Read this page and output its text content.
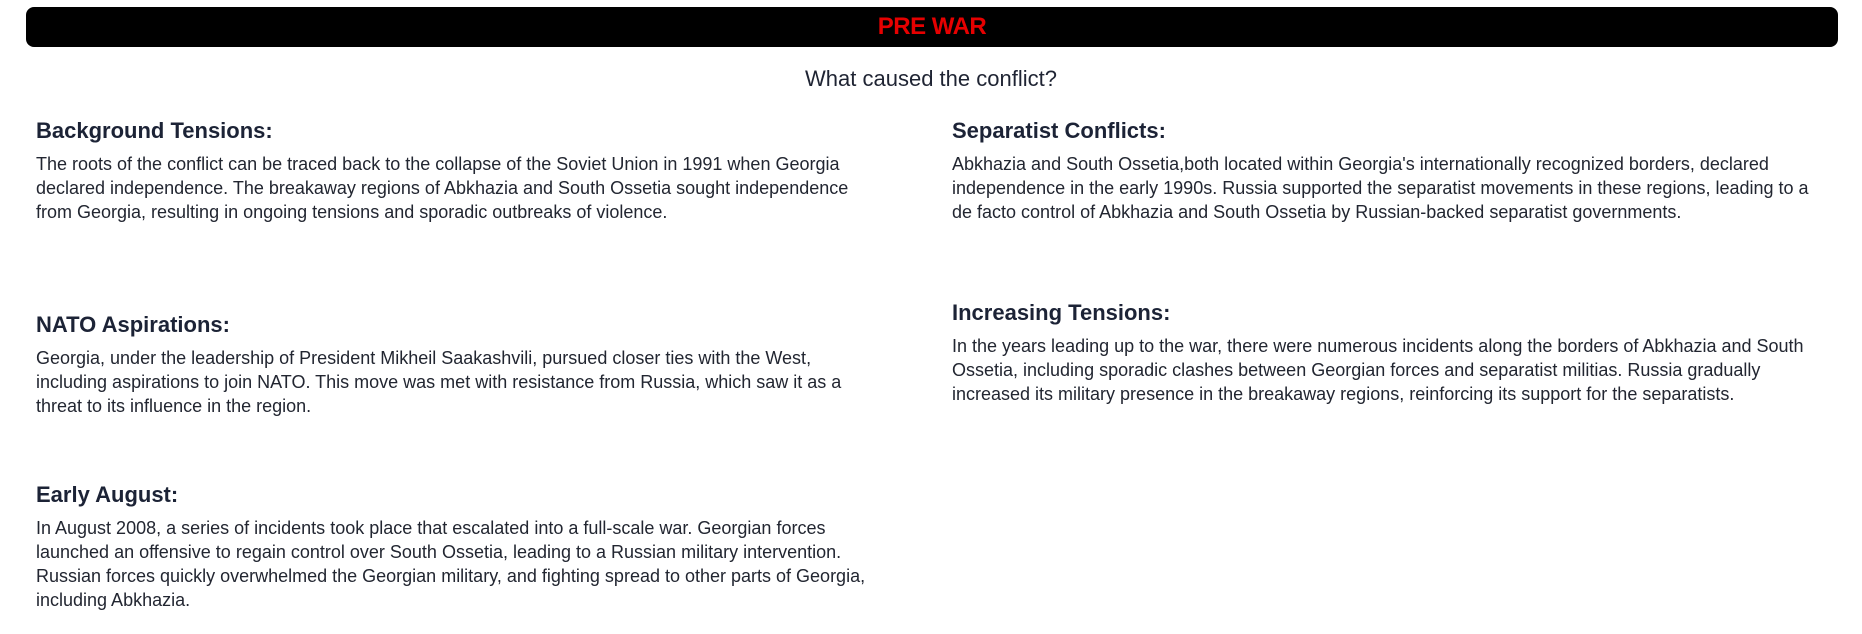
PRE WAR
What caused the conflict?
Background Tensions:

The roots of the conflict can be traced back to the collapse of the Soviet Union in 1991 when Georgia declared independence. The breakaway regions of Abkhazia and South Ossetia sought independence from Georgia, resulting in ongoing tensions and sporadic outbreaks of violence.

NATO Aspirations:

Georgia, under the leadership of President Mikheil Saakashvili, pursued closer ties with the West, including aspirations to join NATO. This move was met with resistance from Russia, which saw it as a threat to its influence in the region.

Early August:

In August 2008, a series of incidents took place that escalated into a full-scale war. Georgian forces launched an offensive to regain control over South Ossetia, leading to a Russian military intervention. Russian forces quickly overwhelmed the Georgian military, and fighting spread to other parts of Georgia, including Abkhazia.

Separatist Conflicts:

Abkhazia and South Ossetia,both located within Georgia's internationally recognized borders, declared independence in the early 1990s. Russia supported the separatist movements in these regions, leading to a de facto control of Abkhazia and South Ossetia by Russian-backed separatist governments.

Increasing Tensions:

In the years leading up to the war, there were numerous incidents along the borders of Abkhazia and South Ossetia, including sporadic clashes between Georgian forces and separatist militias. Russia gradually increased its military presence in the breakaway regions, reinforcing its support for the separatists.
